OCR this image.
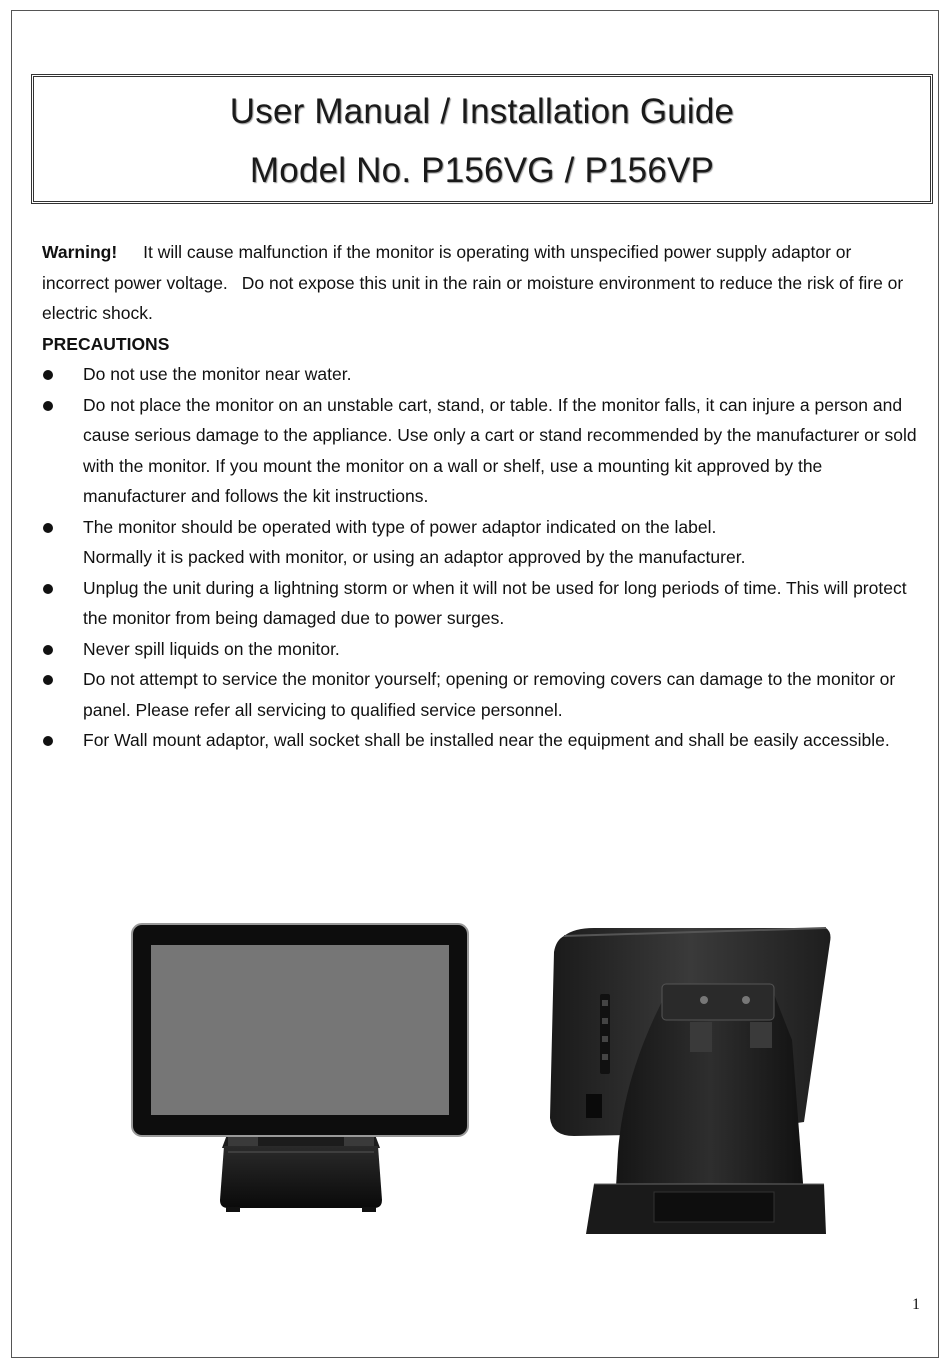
User Manual / Installation Guide
Model No. P156VG / P156VP

Warning! It will cause malfunction if the monitor is operating with unspecified power supply adaptor or incorrect power voltage. Do not expose this unit in the rain or moisture environment to reduce the risk of fire or electric shock.

PRECAUTIONS

Do not use the monitor near water.
Do not place the monitor on an unstable cart, stand, or table. If the monitor falls, it can injure a person and cause serious damage to the appliance. Use only a cart or stand recommended by the manufacturer or sold with the monitor. If you mount the monitor on a wall or shelf, use a mounting kit approved by the manufacturer and follows the kit instructions.
The monitor should be operated with type of power adaptor indicated on the label.
Normally it is packed with monitor, or using an adaptor approved by the manufacturer.
Unplug the unit during a lightning storm or when it will not be used for long periods of time. This will protect the monitor from being damaged due to power surges.
Never spill liquids on the monitor.
Do not attempt to service the monitor yourself; opening or removing covers can damage to the monitor or panel. Please refer all servicing to qualified service personnel.
For Wall mount adaptor, wall socket shall be installed near the equipment and shall be easily accessible.
1
